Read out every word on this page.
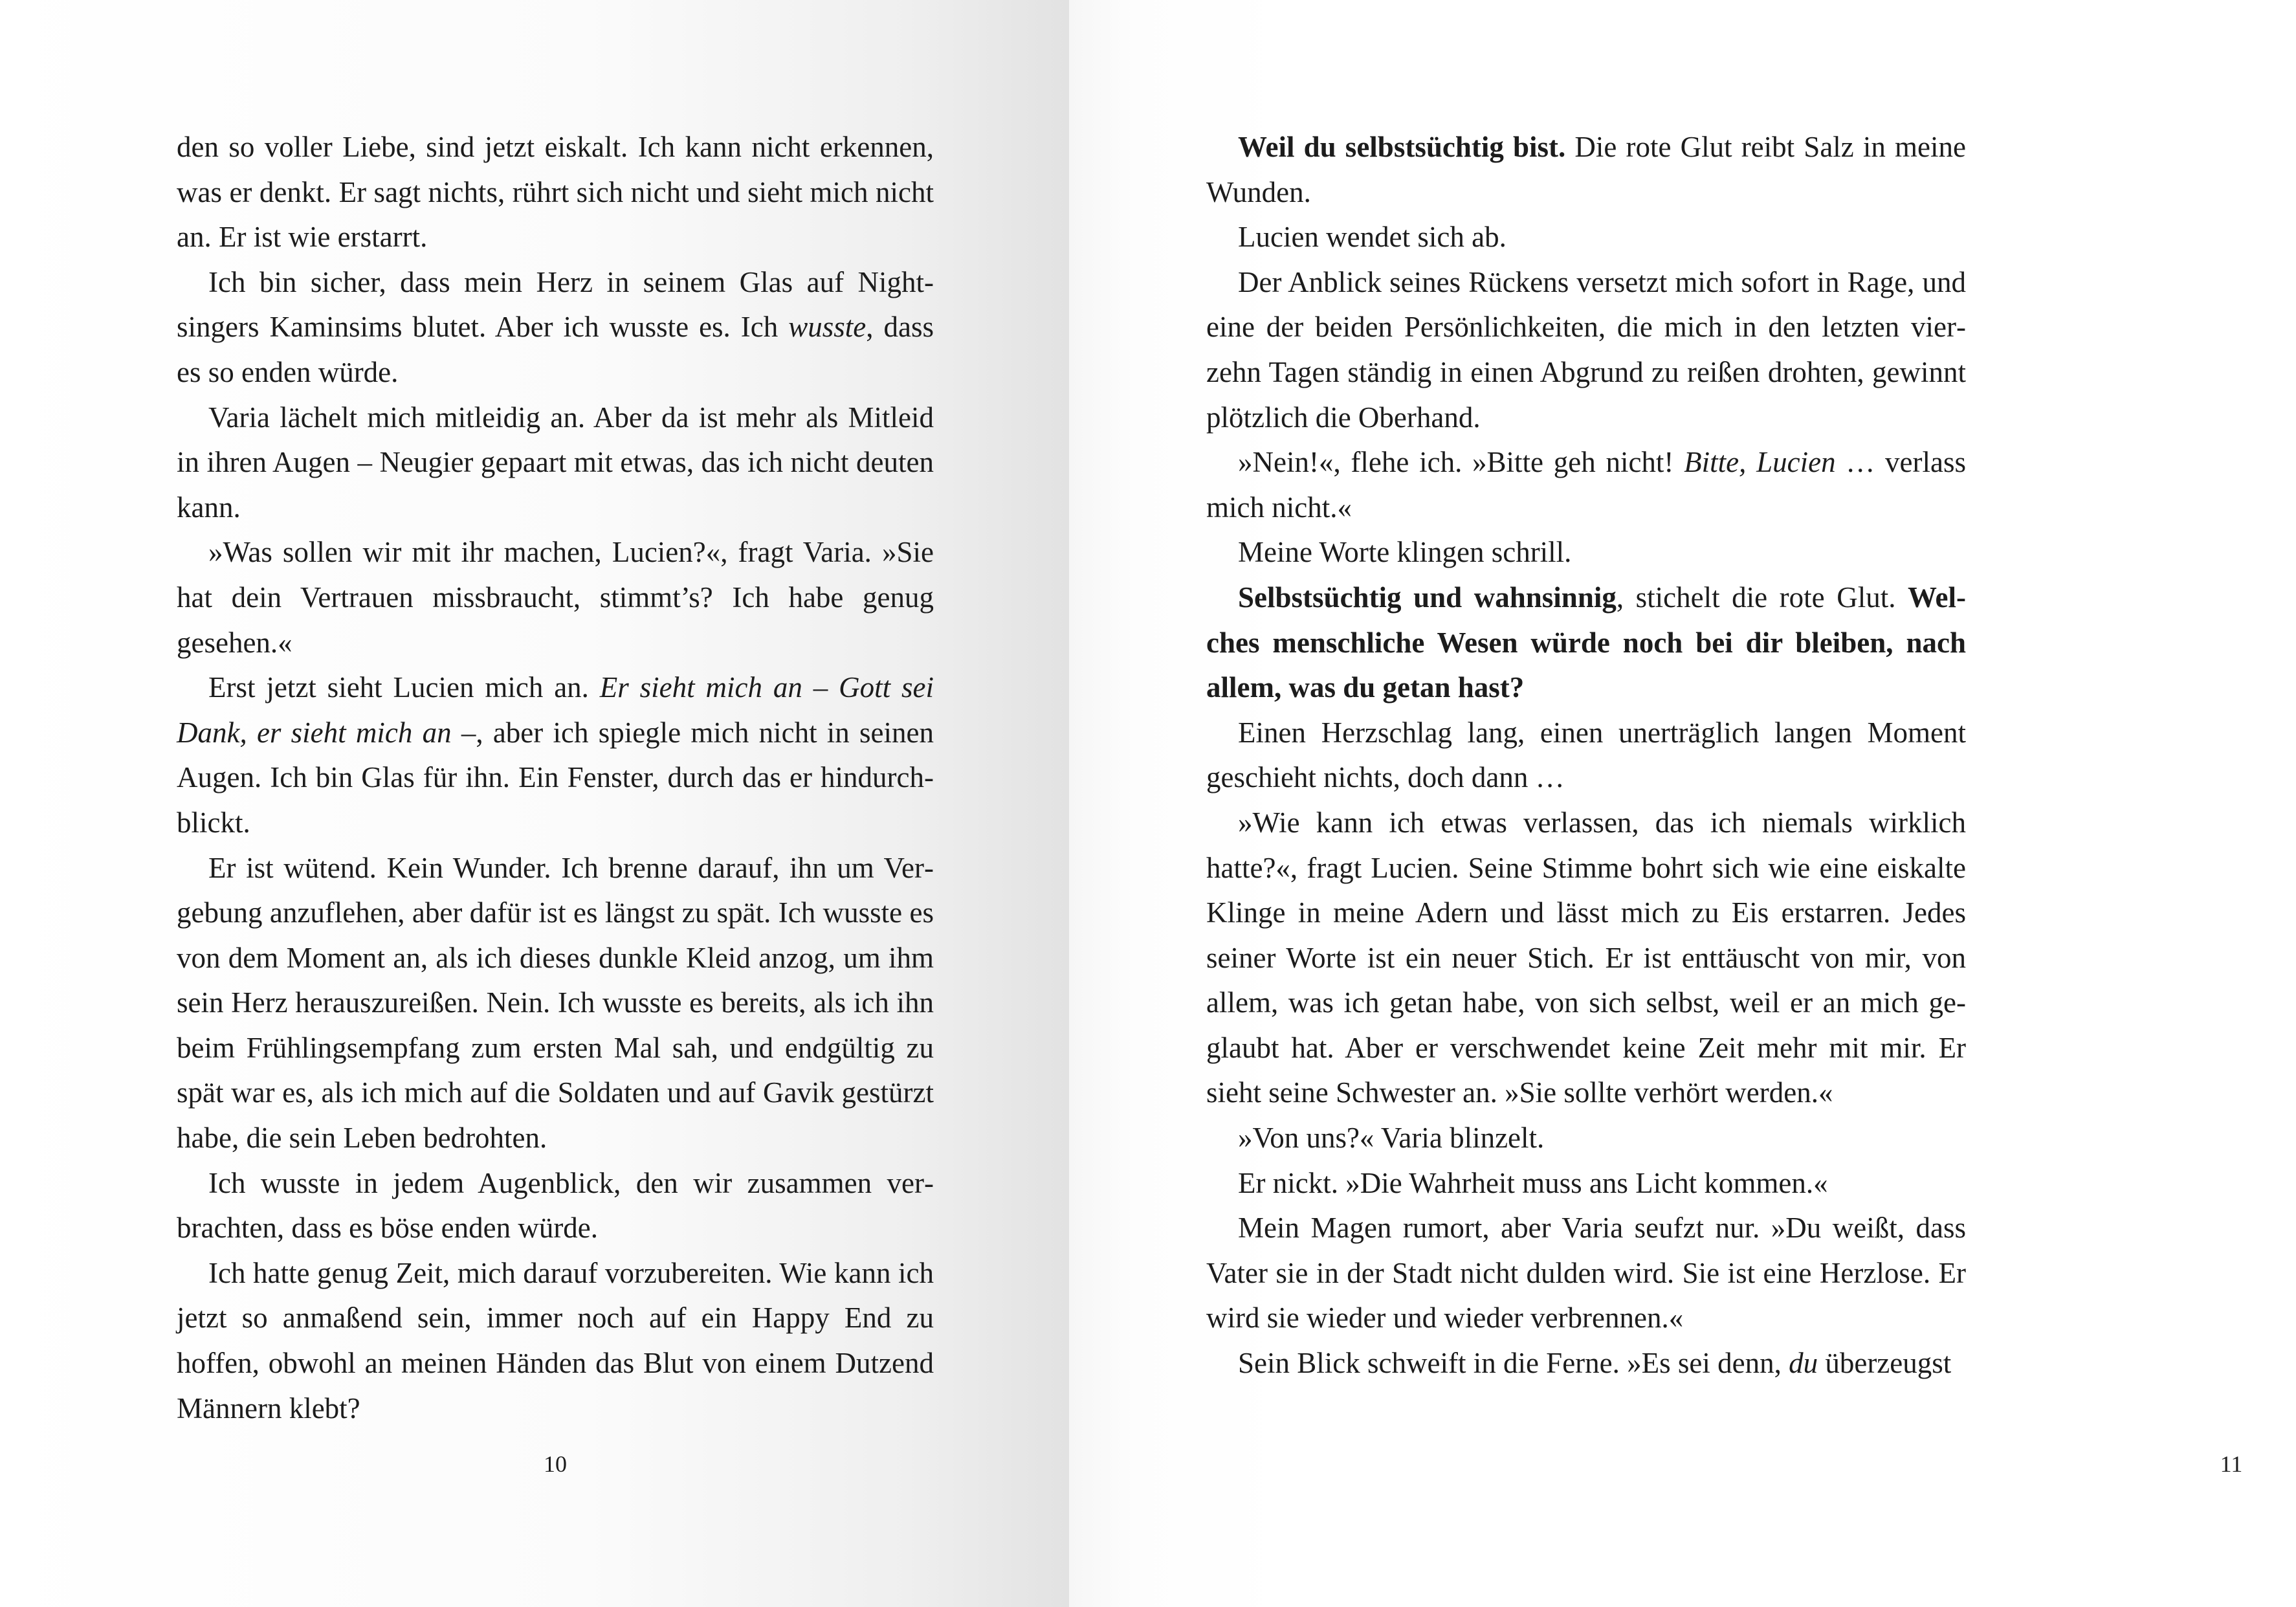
den so voller Liebe, sind jetzt eiskalt. Ich kann nicht erkennen, was er denkt. Er sagt nichts, rührt sich nicht und sieht mich nicht an. Er ist wie erstarrt.

Ich bin sicher, dass mein Herz in seinem Glas auf Nightsingers Kaminsims blutet. Aber ich wusste es. Ich wusste, dass es so enden würde.

Varia lächelt mich mitleidig an. Aber da ist mehr als Mitleid in ihren Augen – Neugier gepaart mit etwas, das ich nicht deuten kann.

»Was sollen wir mit ihr machen, Lucien?«, fragt Varia. »Sie hat dein Vertrauen missbraucht, stimmt’s? Ich habe genug gesehen.«

Erst jetzt sieht Lucien mich an. Er sieht mich an – Gott sei Dank, er sieht mich an –, aber ich spiegle mich nicht in seinen Augen. Ich bin Glas für ihn. Ein Fenster, durch das er hindurchblickt.

Er ist wütend. Kein Wunder. Ich brenne darauf, ihn um Vergebung anzuflehen, aber dafür ist es längst zu spät. Ich wusste es von dem Moment an, als ich dieses dunkle Kleid anzog, um ihm sein Herz herauszureißen. Nein. Ich wusste es bereits, als ich ihn beim Frühlingsempfang zum ersten Mal sah, und endgültig zu spät war es, als ich mich auf die Soldaten und auf Gavik gestürzt habe, die sein Leben bedrohten.

Ich wusste in jedem Augenblick, den wir zusammen verbrachten, dass es böse enden würde.

Ich hatte genug Zeit, mich darauf vorzubereiten. Wie kann ich jetzt so anmaßend sein, immer noch auf ein Happy End zu hoffen, obwohl an meinen Händen das Blut von einem Dutzend Männern klebt?

10

Weil du selbstsüchtig bist. Die rote Glut reibt Salz in meine Wunden.

Lucien wendet sich ab.

Der Anblick seines Rückens versetzt mich sofort in Rage, und eine der beiden Persönlichkeiten, die mich in den letzten vierzehn Tagen ständig in einen Abgrund zu reißen drohten, gewinnt plötzlich die Oberhand.

»Nein!«, flehe ich. »Bitte geh nicht! Bitte, Lucien … verlass mich nicht.«

Meine Worte klingen schrill.

Selbstsüchtig und wahnsinnig, stichelt die rote Glut. Welches menschliche Wesen würde noch bei dir bleiben, nach allem, was du getan hast?

Einen Herzschlag lang, einen unerträglich langen Moment geschieht nichts, doch dann …

»Wie kann ich etwas verlassen, das ich niemals wirklich hatte?«, fragt Lucien. Seine Stimme bohrt sich wie eine eiskalte Klinge in meine Adern und lässt mich zu Eis erstarren. Jedes seiner Worte ist ein neuer Stich. Er ist enttäuscht von mir, von allem, was ich getan habe, von sich selbst, weil er an mich geglaubt hat. Aber er verschwendet keine Zeit mehr mit mir. Er sieht seine Schwester an. »Sie sollte verhört werden.«

»Von uns?« Varia blinzelt.

Er nickt. »Die Wahrheit muss ans Licht kommen.«

Mein Magen rumort, aber Varia seufzt nur. »Du weißt, dass Vater sie in der Stadt nicht dulden wird. Sie ist eine Herzlose. Er wird sie wieder und wieder verbrennen.«

Sein Blick schweift in die Ferne. »Es sei denn, du überzeugst

11
